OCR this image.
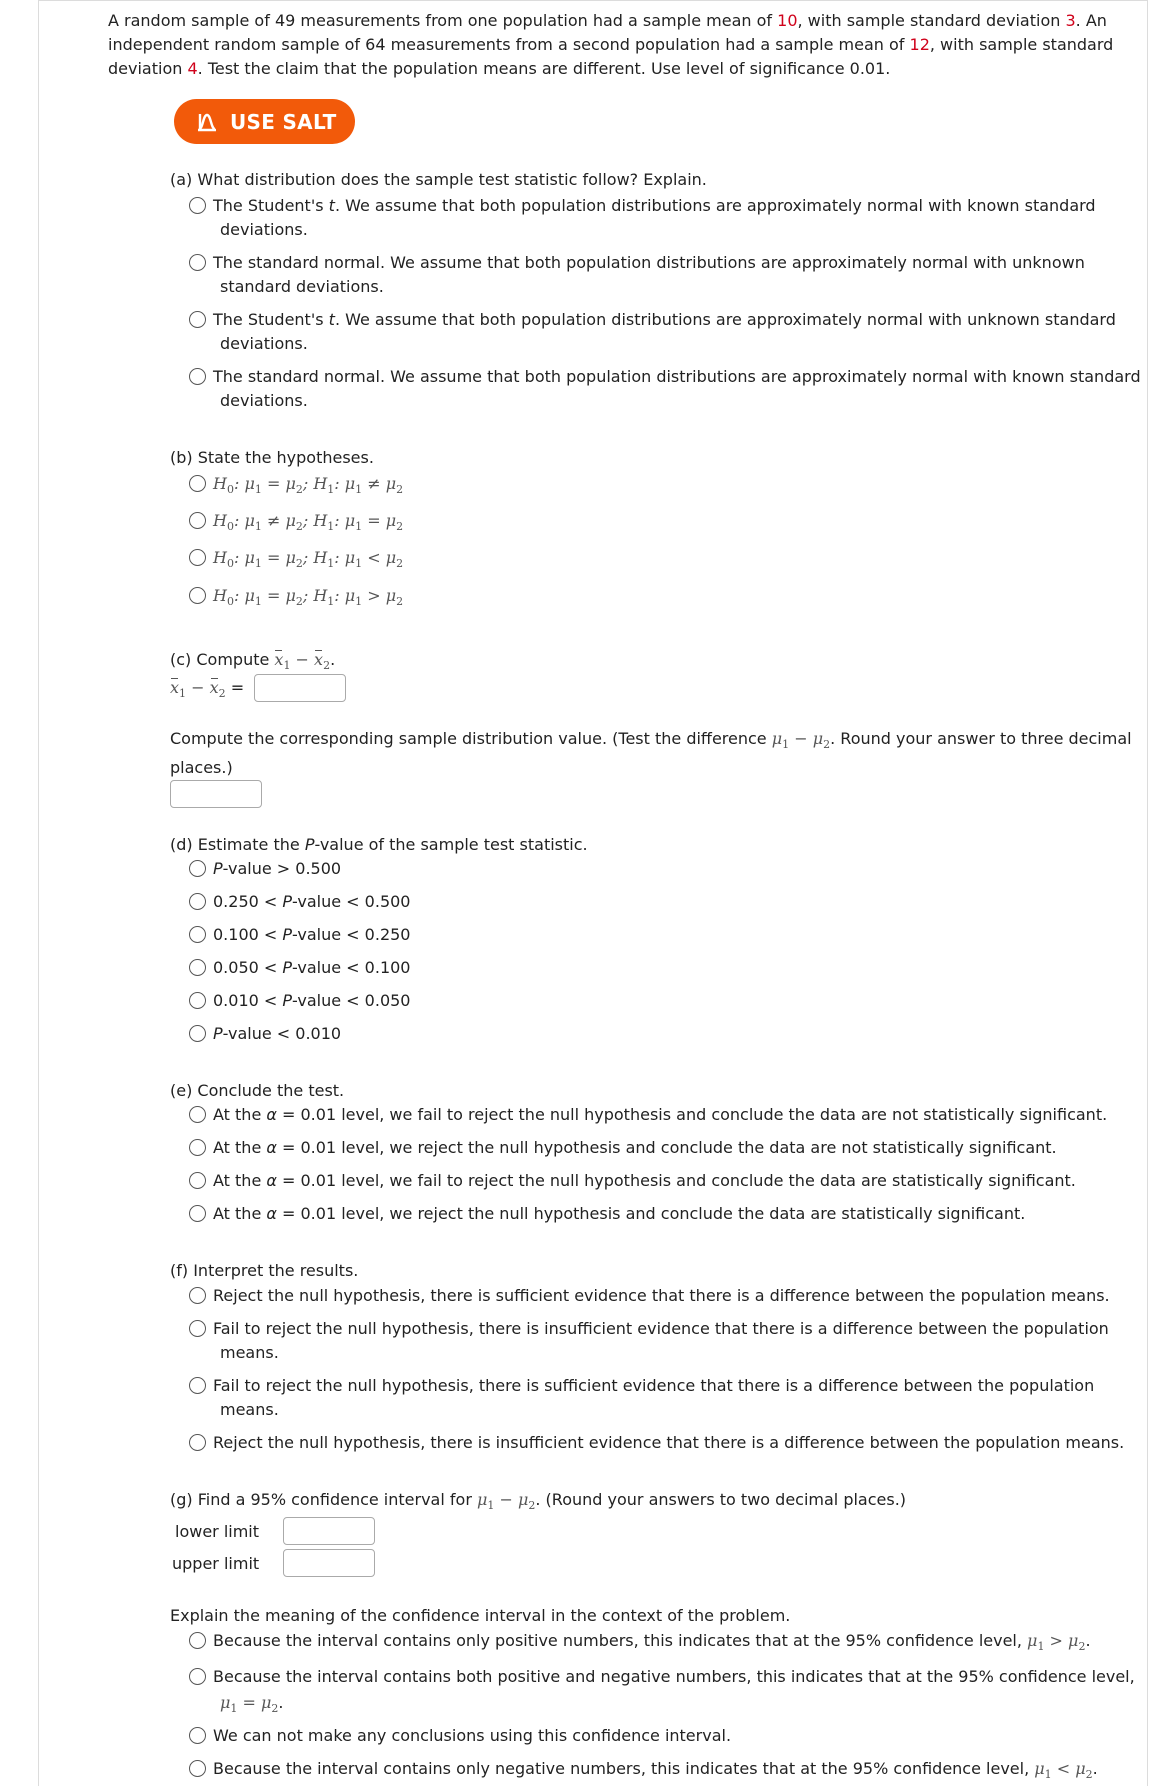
A random sample of 49 measurements from one population had a sample mean of 10, with sample standard deviation 3. An
independent random sample of 64 measurements from a second population had a sample mean of 12, with sample standard
deviation 4. Test the claim that the population means are different. Use level of significance 0.01.
USE SALT
(a) What distribution does the sample test statistic follow? Explain.
The Student's t. We assume that both population distributions are approximately normal with known standard
deviations.
The standard normal. We assume that both population distributions are approximately normal with unknown
standard deviations.
The Student's t. We assume that both population distributions are approximately normal with unknown standard
deviations.
The standard normal. We assume that both population distributions are approximately normal with known standard
deviations.
(b) State the hypotheses.
$H_0$: $\mu_1 = \mu_2$; $H_1$: $\mu_1 \ne \mu_2$
$H_0$: $\mu_1 \ne \mu_2$; $H_1$: $\mu_1 = \mu_2$
$H_0$: $\mu_1 = \mu_2$; $H_1$: $\mu_1 < \mu_2$
$H_0$: $\mu_1 = \mu_2$; $H_1$: $\mu_1 > \mu_2$
(c) Compute $x_1 - x_2$.
$x_1 - x_2$ =
Compute the corresponding sample distribution value. (Test the difference $\mu_1 - \mu_2$. Round your answer to three decimal
places.)
(d) Estimate the P-value of the sample test statistic.
P-value > 0.500
0.250 < P-value < 0.500
0.100 < P-value < 0.250
0.050 < P-value < 0.100
0.010 < P-value < 0.050
P-value < 0.010
(e) Conclude the test.
At the α = 0.01 level, we fail to reject the null hypothesis and conclude the data are not statistically significant.
At the α = 0.01 level, we reject the null hypothesis and conclude the data are not statistically significant.
At the α = 0.01 level, we fail to reject the null hypothesis and conclude the data are statistically significant.
At the α = 0.01 level, we reject the null hypothesis and conclude the data are statistically significant.
(f) Interpret the results.
Reject the null hypothesis, there is sufficient evidence that there is a difference between the population means.
Fail to reject the null hypothesis, there is insufficient evidence that there is a difference between the population
means.
Fail to reject the null hypothesis, there is sufficient evidence that there is a difference between the population
means.
Reject the null hypothesis, there is insufficient evidence that there is a difference between the population means.
(g) Find a 95% confidence interval for $\mu_1 - \mu_2$. (Round your answers to two decimal places.)
lower limit
upper limit
Explain the meaning of the confidence interval in the context of the problem.
Because the interval contains only positive numbers, this indicates that at the 95% confidence level, $\mu_1 > \mu_2$.
Because the interval contains both positive and negative numbers, this indicates that at the 95% confidence level,
$\mu_1 = \mu_2$.
We can not make any conclusions using this confidence interval.
Because the interval contains only negative numbers, this indicates that at the 95% confidence level, $\mu_1 < \mu_2$.
